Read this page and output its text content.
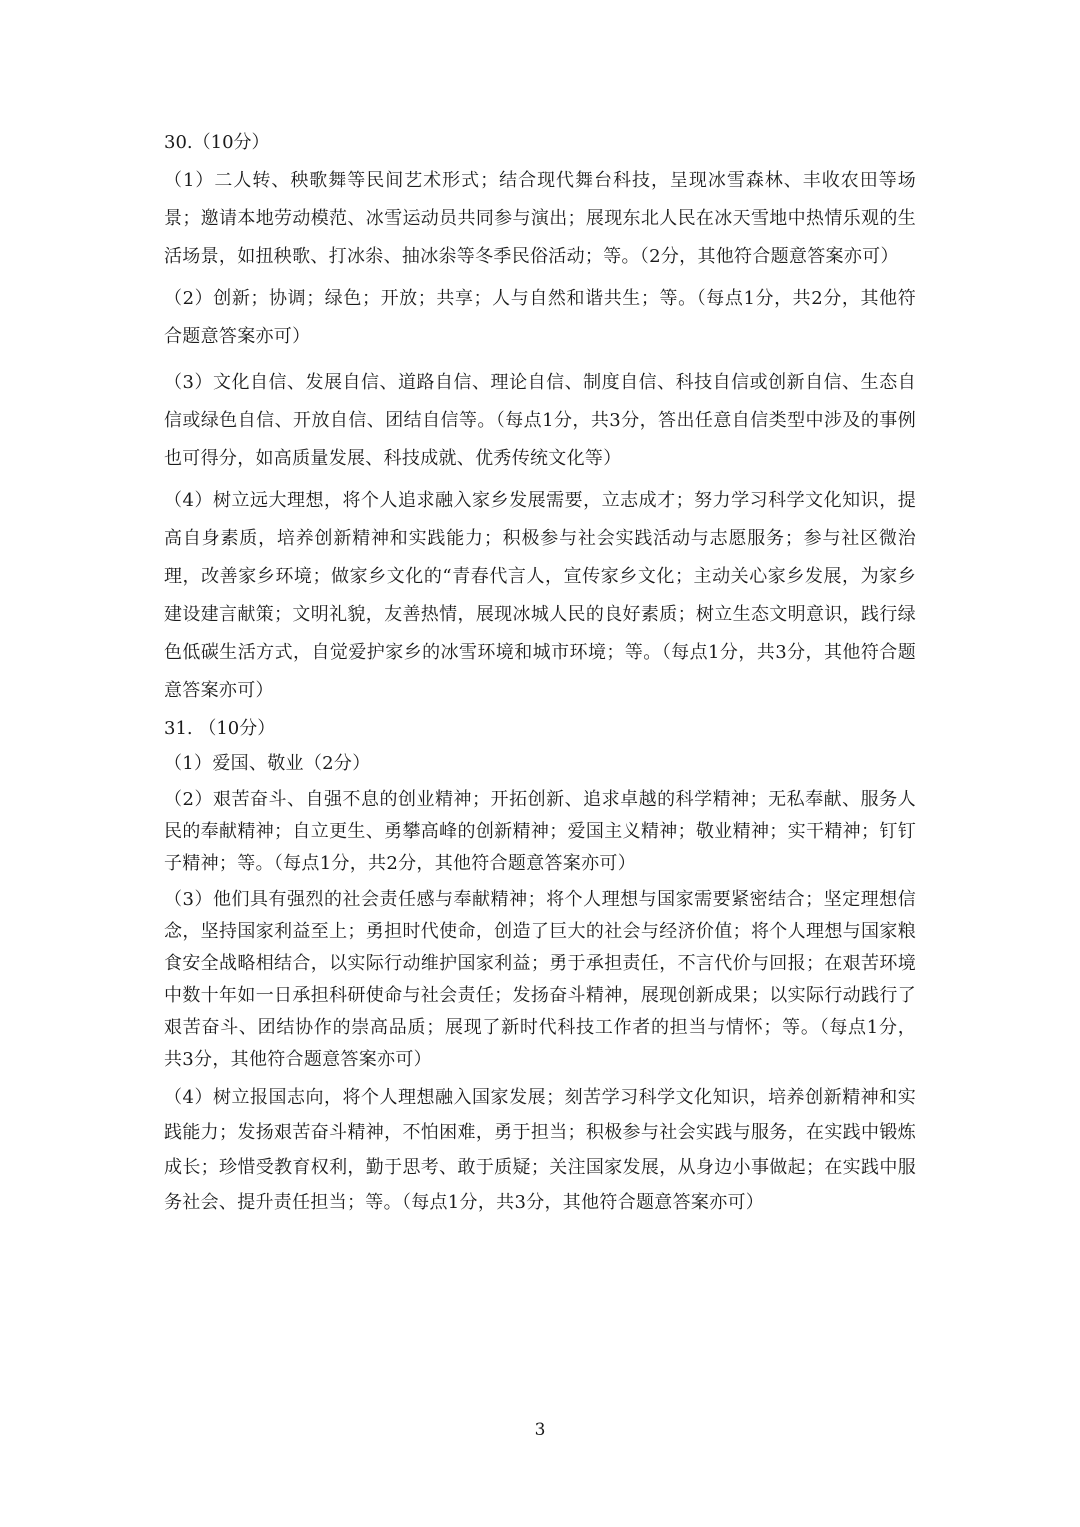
30.（10分）
（1）二人转、秧歌舞等民间艺术形式；结合现代舞台科技，呈现冰雪森林、丰收农田等场景；邀请本地劳动模范、冰雪运动员共同参与演出；展现东北人民在冰天雪地中热情乐观的生活场景，如扭秧歌、打冰尜、抽冰尜等冬季民俗活动；等。（2分，其他符合题意答案亦可）
（2）创新；协调；绿色；开放；共享；人与自然和谐共生；等。（每点1分，共2分，其他符合题意答案亦可）
（3）文化自信、发展自信、道路自信、理论自信、制度自信、科技自信或创新自信、生态自信或绿色自信、开放自信、团结自信等。（每点1分，共3分，答出任意自信类型中涉及的事例也可得分，如高质量发展、科技成就、优秀传统文化等）
（4）树立远大理想，将个人追求融入家乡发展需要，立志成才；努力学习科学文化知识，提高自身素质，培养创新精神和实践能力；积极参与社会实践活动与志愿服务；参与社区微治理，改善家乡环境；做家乡文化的“青春代言人，宣传家乡文化；主动关心家乡发展，为家乡建设建言献策；文明礼貌，友善热情，展现冰城人民的良好素质；树立生态文明意识，践行绿色低碳生活方式，自觉爱护家乡的冰雪环境和城市环境；等。（每点1分，共3分，其他符合题意答案亦可）
31. （10分）
（1）爱国、敬业（2分）
（2）艰苦奋斗、自强不息的创业精神；开拓创新、追求卓越的科学精神；无私奉献、服务人民的奉献精神；自立更生、勇攀高峰的创新精神；爱国主义精神；敬业精神；实干精神；钉钉子精神；等。（每点1分，共2分，其他符合题意答案亦可）
（3）他们具有强烈的社会责任感与奉献精神；将个人理想与国家需要紧密结合；坚定理想信念，坚持国家利益至上；勇担时代使命，创造了巨大的社会与经济价值；将个人理想与国家粮食安全战略相结合，以实际行动维护国家利益；勇于承担责任，不言代价与回报；在艰苦环境中数十年如一日承担科研使命与社会责任；发扬奋斗精神，展现创新成果；以实际行动践行了艰苦奋斗、团结协作的崇高品质；展现了新时代科技工作者的担当与情怀；等。（每点1分，共3分，其他符合题意答案亦可）
（4）树立报国志向，将个人理想融入国家发展；刻苦学习科学文化知识，培养创新精神和实践能力；发扬艰苦奋斗精神，不怕困难，勇于担当；积极参与社会实践与服务，在实践中锻炼成长；珍惜受教育权利，勤于思考、敢于质疑；关注国家发展，从身边小事做起；在实践中服务社会、提升责任担当；等。（每点1分，共3分，其他符合题意答案亦可）
3
